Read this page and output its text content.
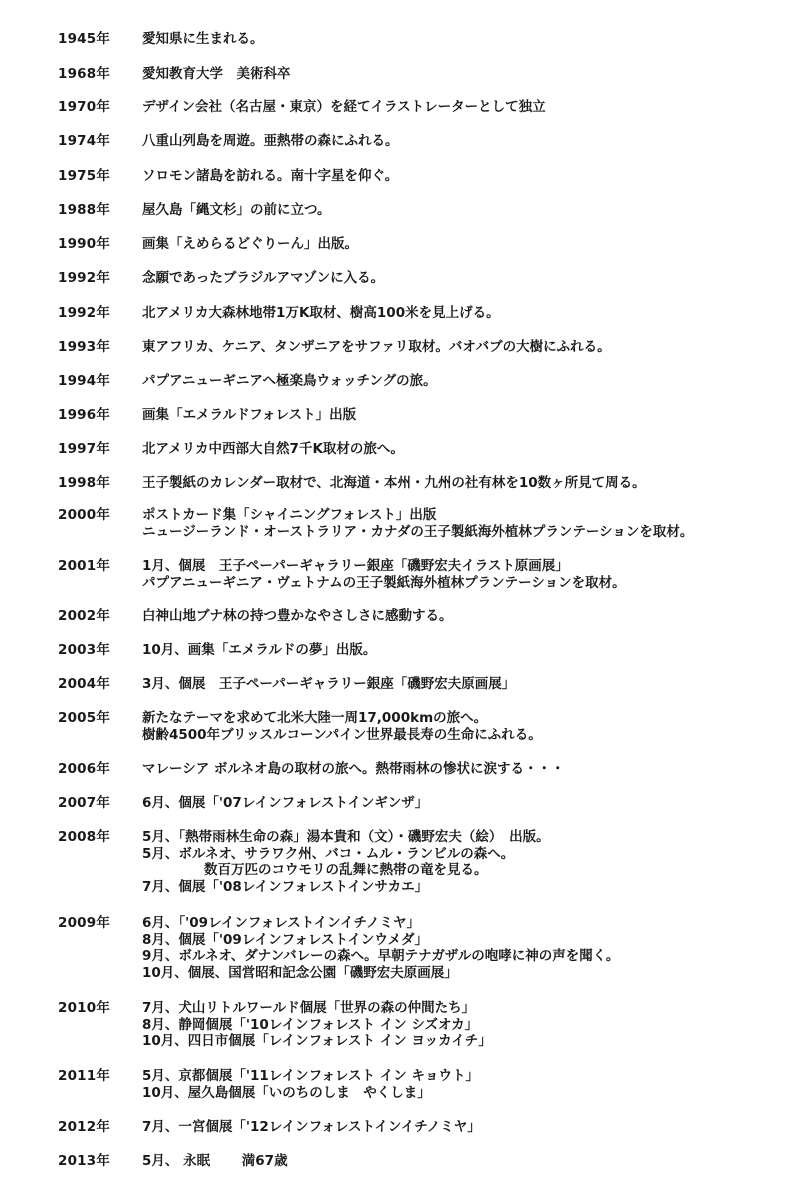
1945年 愛知県に生まれる。
1968年 愛知教育大学　美術科卒
1970年 デザイン会社（名古屋・東京）を経てイラストレーターとして独立
1974年 八重山列島を周遊。亜熱帯の森にふれる。
1975年 ソロモン諸島を訪れる。南十字星を仰ぐ。
1988年 屋久島「縄文杉」の前に立つ。
1990年 画集「えめらるどぐりーん」出版。
1992年 念願であったブラジルアマゾンに入る。
1992年 北アメリカ大森林地帯1万K取材、樹高100米を見上げる。
1993年 東アフリカ、ケニア、タンザニアをサファリ取材。バオバブの大樹にふれる。
1994年 パプアニューギニアへ極楽鳥ウォッチングの旅。
1996年 画集「エメラルドフォレスト」出版
1997年 北アメリカ中西部大自然7千K取材の旅へ。
1998年 王子製紙のカレンダー取材で、北海道・本州・九州の社有林を10数ヶ所見て周る。
2000年 ポストカード集「シャイニングフォレスト」出版
ニュージーランド・オーストラリア・カナダの王子製紙海外植林プランテーションを取材。
2001年 1月、個展　王子ペーパーギャラリー銀座「磯野宏夫イラスト原画展」
パプアニューギニア・ヴェトナムの王子製紙海外植林プランテーションを取材。
2002年 白神山地ブナ林の持つ豊かなやさしさに感動する。
2003年 10月、画集「エメラルドの夢」出版。
2004年 3月、個展　王子ペーパーギャラリー銀座「磯野宏夫原画展」
2005年 新たなテーマを求めて北米大陸一周17,000kmの旅へ。
樹齢4500年ブリッスルコーンパイン世界最長寿の生命にふれる。
2006年 マレーシア ボルネオ島の取材の旅へ。熱帯雨林の惨状に涙する・・・
2007年 6月、個展「'07レインフォレストインギンザ」
2008年 5月、「熱帯雨林生命の森」湯本貴和（文）・磯野宏夫（絵）　出版。
5月、ボルネオ、サラワク州、バコ・ムル・ランビルの森へ。
数百万匹のコウモリの乱舞に熱帯の竜を見る。
7月、個展「'08レインフォレストインサカエ」
2009年 6月、「'09レインフォレストインイチノミヤ」
8月、個展「'09レインフォレストインウメダ」
9月、ボルネオ、ダナンバレーの森へ。早朝テナガザルの咆哮に神の声を聞く。
10月、個展、国営昭和記念公園「磯野宏夫原画展」
2010年 7月、犬山リトルワールド個展「世界の森の仲間たち」
8月、静岡個展「'10レインフォレスト イン シズオカ」
10月、四日市個展「レインフォレスト イン ヨッカイチ」
2011年 5月、京都個展「'11レインフォレスト イン キョウト」
10月、屋久島個展「いのちのしま　やくしま」
2012年 7月、一宮個展「'12レインフォレストインイチノミヤ」
2013年 5月、 永眠　　 満67歳
